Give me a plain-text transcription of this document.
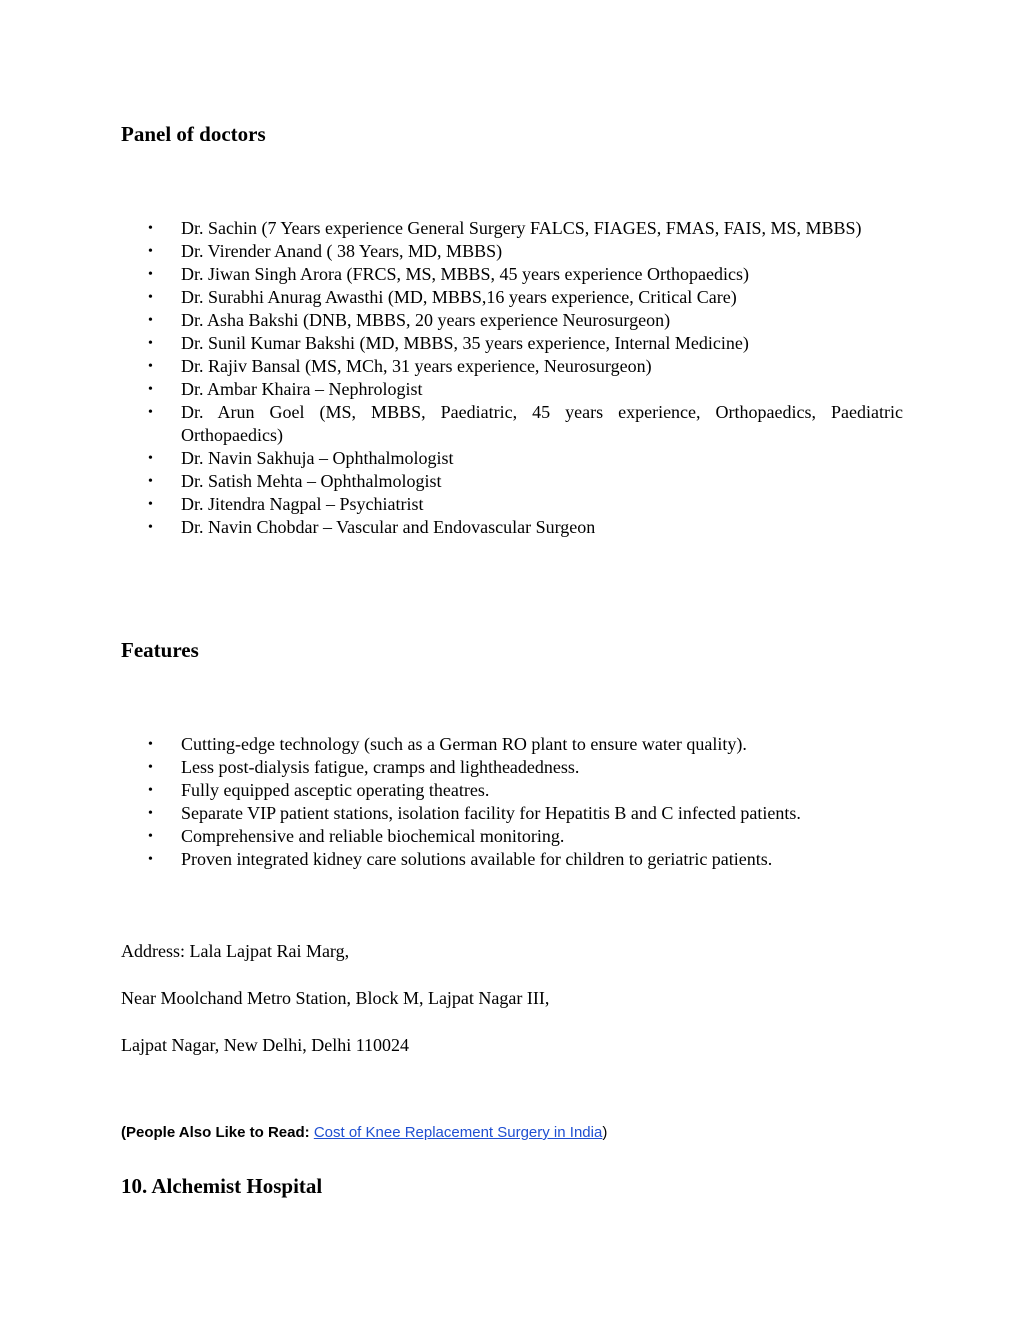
Panel of doctors
• Dr. Sachin (7 Years experience General Surgery FALCS, FIAGES, FMAS, FAIS, MS, MBBS)
• Dr. Virender Anand ( 38 Years, MD, MBBS)
• Dr. Jiwan Singh Arora (FRCS, MS, MBBS, 45 years experience Orthopaedics)
• Dr. Surabhi Anurag Awasthi (MD, MBBS,16 years experience, Critical Care)
• Dr. Asha Bakshi (DNB, MBBS, 20 years experience Neurosurgeon)
• Dr. Sunil Kumar Bakshi (MD, MBBS, 35 years experience, Internal Medicine)
• Dr. Rajiv Bansal (MS, MCh, 31 years experience, Neurosurgeon)
• Dr. Ambar Khaira – Nephrologist
• Dr. Arun Goel (MS, MBBS, Paediatric, 45 years experience, Orthopaedics, Paediatric Orthopaedics)
• Dr. Navin Sakhuja – Ophthalmologist
• Dr. Satish Mehta – Ophthalmologist
• Dr. Jitendra Nagpal – Psychiatrist
• Dr. Navin Chobdar – Vascular and Endovascular Surgeon
Features
• Cutting-edge technology (such as a German RO plant to ensure water quality).
• Less post-dialysis fatigue, cramps and lightheadedness.
• Fully equipped asceptic operating theatres.
• Separate VIP patient stations, isolation facility for Hepatitis B and C infected patients.
• Comprehensive and reliable biochemical monitoring.
• Proven integrated kidney care solutions available for children to geriatric patients.

Address: Lala Lajpat Rai Marg,

Near Moolchand Metro Station, Block M, Lajpat Nagar III,

Lajpat Nagar, New Delhi, Delhi 110024

(People Also Like to Read: Cost of Knee Replacement Surgery in India)

10. Alchemist Hospital
